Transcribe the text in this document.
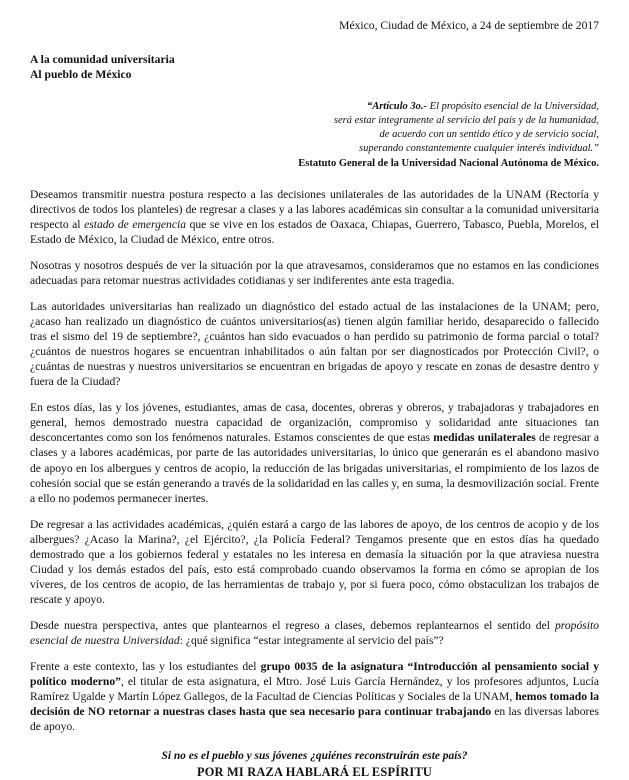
México, Ciudad de México, a 24 de septiembre de 2017
A la comunidad universitaria
Al pueblo de México
“Artículo 3o.- El propósito esencial de la Universidad,
será estar integramente al servicio del país y de la humanidad,
de acuerdo con un sentido ético y de servicio social,
superando constantemente cualquier interés individual.”
Estatuto General de la Universidad Nacional Autónoma de México.

Deseamos transmitir nuestra postura respecto a las decisiones unilaterales de las autoridades de la UNAM (Rectoría y directivos de todos los planteles) de regresar a clases y a las labores académicas sin consultar a la comunidad universitaria respecto al estado de emergencia que se vive en los estados de Oaxaca, Chiapas, Guerrero, Tabasco, Puebla, Morelos, el Estado de México, la Ciudad de México, entre otros.

Nosotras y nosotros después de ver la situación por la que atravesamos, consideramos que no estamos en las condiciones adecuadas para retomar nuestras actividades cotidianas y ser indiferentes ante esta tragedia.

Las autoridades universitarias han realizado un diagnóstico del estado actual de las instalaciones de la UNAM; pero, ¿acaso han realizado un diagnóstico de cuántos universitarios(as) tienen algún familiar herido, desaparecido o fallecido tras el sismo del 19 de septiembre?, ¿cuántos han sido evacuados o han perdido su patrimonio de forma parcial o total? ¿cuántos de nuestros hogares se encuentran inhabilitados o aún faltan por ser diagnosticados por Protección Civil?, o ¿cuántas de nuestras y nuestros universitarios se encuentran en brigadas de apoyo y rescate en zonas de desastre dentro y fuera de la Ciudad?

En estos días, las y los jóvenes, estudiantes, amas de casa, docentes, obreras y obreros, y trabajadoras y trabajadores en general, hemos demostrado nuestra capacidad de organización, compromiso y solidaridad ante situaciones tan desconcertantes como son los fenómenos naturales. Estamos conscientes de que estas medidas unilaterales de regresar a clases y a labores académicas, por parte de las autoridades universitarias, lo único que generarán es el abandono masivo de apoyo en los albergues y centros de acopio, la reducción de las brigadas universitarias, el rompimiento de los lazos de cohesión social que se están generando a través de la solidaridad en las calles y, en suma, la desmovilización social. Frente a ello no podemos permanecer inertes.

De regresar a las actividades académicas, ¿quién estará a cargo de las labores de apoyo, de los centros de acopio y de los albergues? ¿Acaso la Marina?, ¿el Ejército?, ¿la Policía Federal? Tengamos presente que en estos días ha quedado demostrado que a los gobiernos federal y estatales no les interesa en demasía la situación por la que atraviesa nuestra Ciudad y los demás estados del país, esto está comprobado cuando observamos la forma en cómo se apropian de los víveres, de los centros de acopio, de las herramientas de trabajo y, por si fuera poco, cómo obstaculizan los trabajos de rescate y apoyo.

Desde nuestra perspectiva, antes que plantearnos el regreso a clases, debemos replantearnos el sentido del propósito esencial de nuestra Universidad: ¿qué significa “estar integramente al servicio del país”?

Frente a este contexto, las y los estudiantes del grupo 0035 de la asignatura “Introducción al pensamiento social y político moderno”, el titular de esta asignatura, el Mtro. José Luis García Hernández, y los profesores adjuntos, Lucía Ramírez Ugalde y Martín López Gallegos, de la Facultad de Ciencias Políticas y Sociales de la UNAM, hemos tomado la decisión de NO retornar a nuestras clases hasta que sea necesario para continuar trabajando en las diversas labores de apoyo.

Si no es el pueblo y sus jóvenes ¿quiénes reconstruirán este país?

POR MI RAZA HABLARÁ EL ESPÍRITU
